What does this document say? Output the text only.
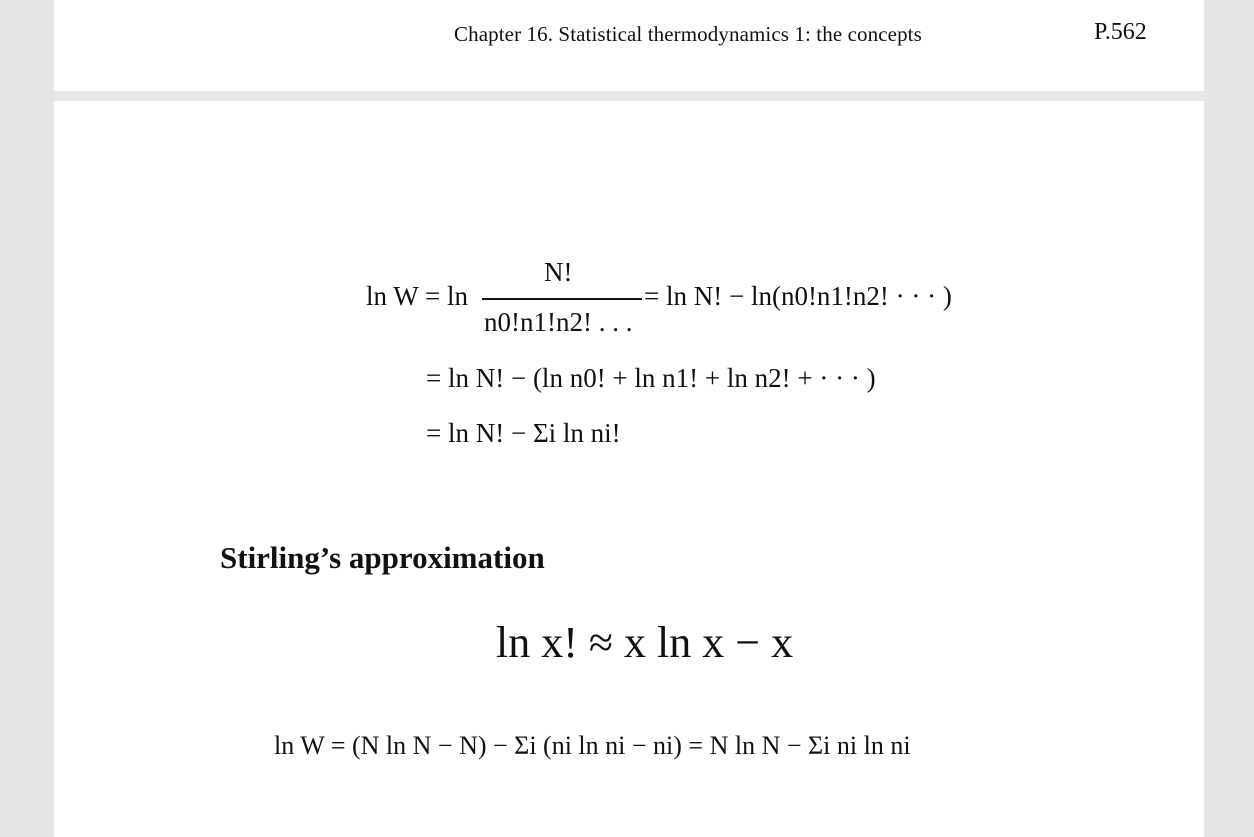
Chapter 16. Statistical thermodynamics 1: the concepts	P.562
ln W = ln
N!
n0!n1!n2! . . .
= ln N! − ln(n0!n1!n2! · · · )
= ln N! − (ln n0! + ln n1! + ln n2! + · · · )
= ln N! − Σi ln ni!
Stirling’s approximation
ln x! ≈ x ln x − x
ln W = (N ln N − N) − Σi (ni ln ni − ni) = N ln N − Σi ni ln ni
